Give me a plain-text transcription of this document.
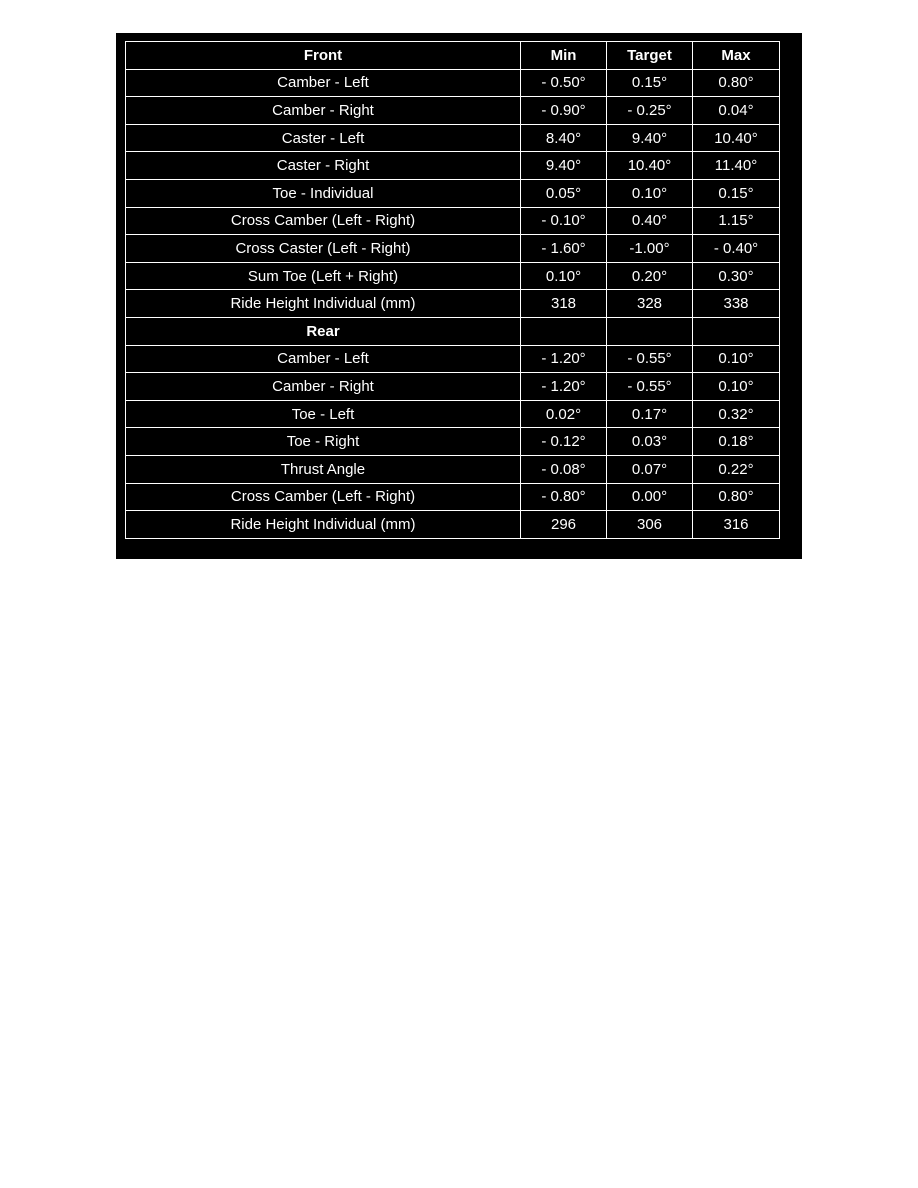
Front	Min	Target	Max
Camber - Left	- 0.50°	0.15°	0.80°
Camber - Right	- 0.90°	- 0.25°	0.04°
Caster - Left	8.40°	9.40°	10.40°
Caster - Right	9.40°	10.40°	11.40°
Toe - Individual	0.05°	0.10°	0.15°
Cross Camber (Left - Right)	- 0.10°	0.40°	1.15°
Cross Caster (Left - Right)	- 1.60°	-1.00°	- 0.40°
Sum Toe (Left + Right)	0.10°	0.20°	0.30°
Ride Height Individual (mm)	318	328	338
Rear			
Camber - Left	- 1.20°	- 0.55°	0.10°
Camber - Right	- 1.20°	- 0.55°	0.10°
Toe - Left	0.02°	0.17°	0.32°
Toe - Right	- 0.12°	0.03°	0.18°
Thrust Angle	- 0.08°	0.07°	0.22°
Cross Camber (Left - Right)	- 0.80°	0.00°	0.80°
Ride Height Individual (mm)	296	306	316
